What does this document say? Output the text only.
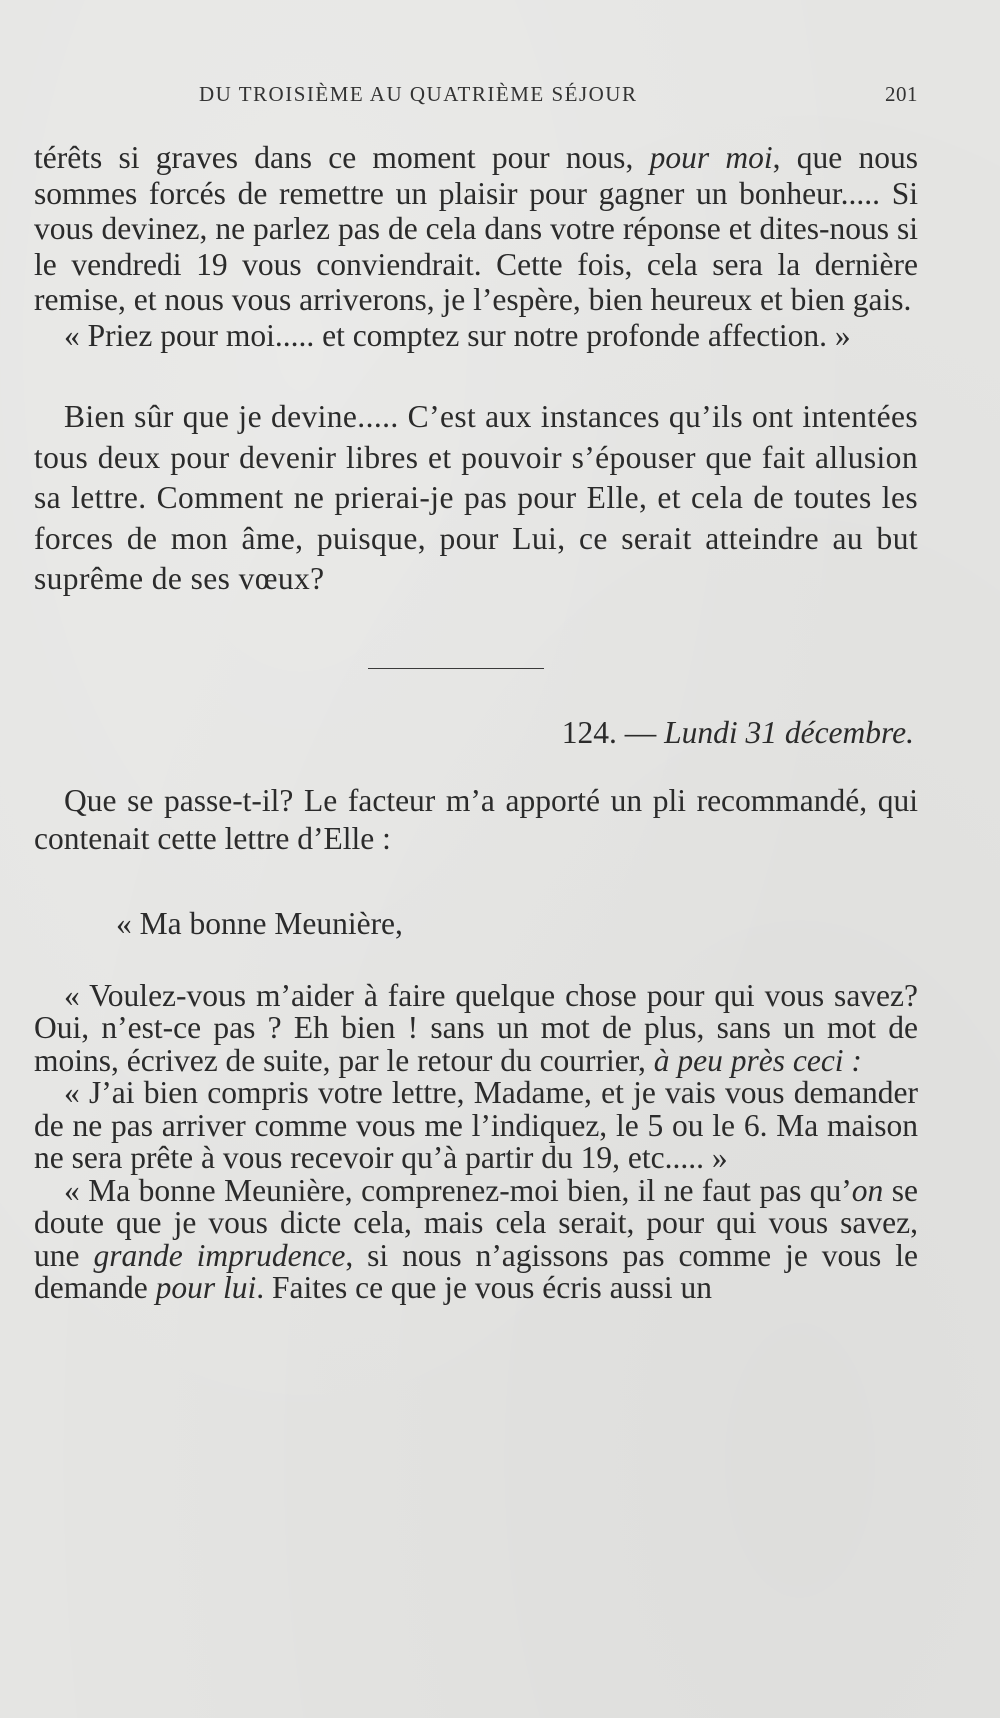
DU TROISIÈME AU QUATRIÈME SÉJOUR	201

térêts si graves dans ce moment pour nous, pour moi, que nous sommes forcés de remettre un plaisir pour gagner un bonheur..... Si vous devinez, ne parlez pas de cela dans votre réponse et dites-nous si le vendredi 19 vous conviendrait. Cette fois, cela sera la dernière remise, et nous vous arriverons, je l’espère, bien heureux et bien gais.

« Priez pour moi..... et comptez sur notre profonde affection. »

Bien sûr que je devine..... C’est aux instances qu’ils ont intentées tous deux pour devenir libres et pouvoir s’épouser que fait allusion sa lettre. Comment ne prierai-je pas pour Elle, et cela de toutes les forces de mon âme, puisque, pour Lui, ce serait atteindre au but suprême de ses vœux?

124. — Lundi 31 décembre.

Que se passe-t-il? Le facteur m’a apporté un pli recommandé, qui contenait cette lettre d’Elle :

« Ma bonne Meunière,

« Voulez-vous m’aider à faire quelque chose pour qui vous savez? Oui, n’est-ce pas ? Eh bien ! sans un mot de plus, sans un mot de moins, écrivez de suite, par le retour du courrier, à peu près ceci :

« J’ai bien compris votre lettre, Madame, et je vais vous demander de ne pas arriver comme vous me l’indiquez, le 5 ou le 6. Ma maison ne sera prête à vous recevoir qu’à partir du 19, etc..... »

« Ma bonne Meunière, comprenez-moi bien, il ne faut pas qu’on se doute que je vous dicte cela, mais cela serait, pour qui vous savez, une grande imprudence, si nous n’agissons pas comme je vous le demande pour lui. Faites ce que je vous écris aussi un
